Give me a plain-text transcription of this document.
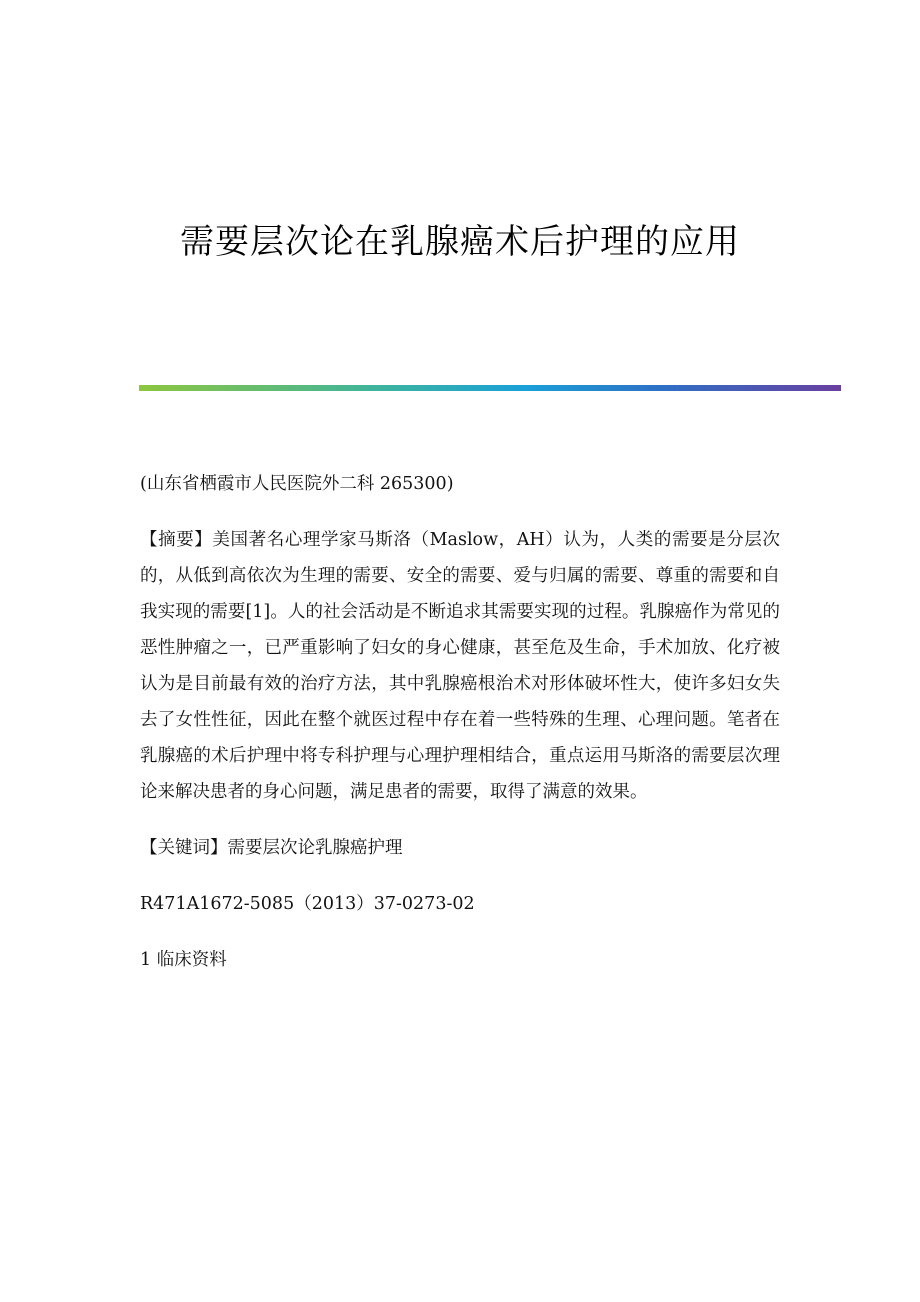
需要层次论在乳腺癌术后护理的应用

(山东省栖霞市人民医院外二科 265300)

【摘要】美国著名心理学家马斯洛（Maslow，AH）认为，人类的需要是分层次的，从低到高依次为生理的需要、安全的需要、爱与归属的需要、尊重的需要和自我实现的需要[1]。人的社会活动是不断追求其需要实现的过程。乳腺癌作为常见的恶性肿瘤之一，已严重影响了妇女的身心健康，甚至危及生命，手术加放、化疗被认为是目前最有效的治疗方法，其中乳腺癌根治术对形体破坏性大，使许多妇女失去了女性性征，因此在整个就医过程中存在着一些特殊的生理、心理问题。笔者在乳腺癌的术后护理中将专科护理与心理护理相结合，重点运用马斯洛的需要层次理论来解决患者的身心问题，满足患者的需要，取得了满意的效果。

【关键词】需要层次论乳腺癌护理

R471A1672-5085（2013）37-0273-02

1 临床资料
